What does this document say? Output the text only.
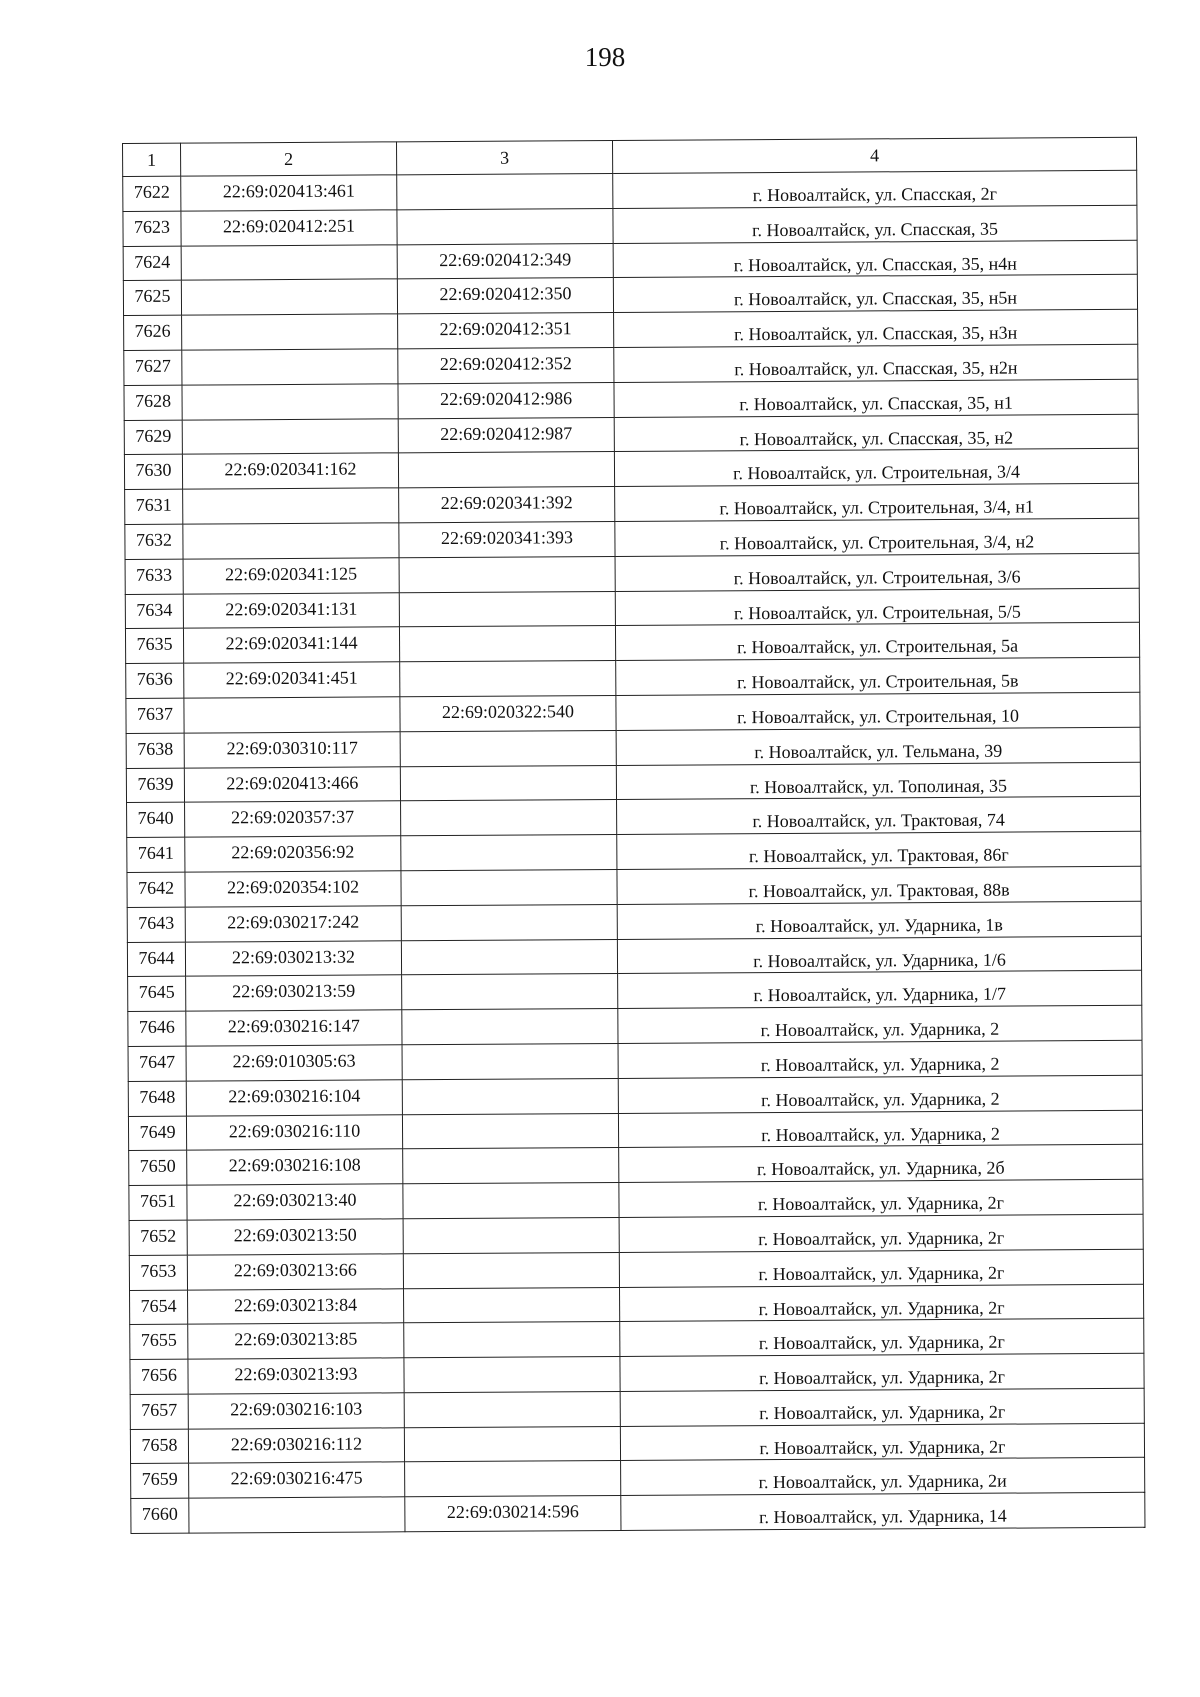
198
1	2	3	4
7622	22:69:020413:461		г. Новоалтайск, ул. Спасская, 2г
7623	22:69:020412:251		г. Новоалтайск, ул. Спасская, 35
7624		22:69:020412:349	г. Новоалтайск, ул. Спасская, 35, н4н
7625		22:69:020412:350	г. Новоалтайск, ул. Спасская, 35, н5н
7626		22:69:020412:351	г. Новоалтайск, ул. Спасская, 35, н3н
7627		22:69:020412:352	г. Новоалтайск, ул. Спасская, 35, н2н
7628		22:69:020412:986	г. Новоалтайск, ул. Спасская, 35, н1
7629		22:69:020412:987	г. Новоалтайск, ул. Спасская, 35, н2
7630	22:69:020341:162		г. Новоалтайск, ул. Строительная, 3/4
7631		22:69:020341:392	г. Новоалтайск, ул. Строительная, 3/4, н1
7632		22:69:020341:393	г. Новоалтайск, ул. Строительная, 3/4, н2
7633	22:69:020341:125		г. Новоалтайск, ул. Строительная, 3/6
7634	22:69:020341:131		г. Новоалтайск, ул. Строительная, 5/5
7635	22:69:020341:144		г. Новоалтайск, ул. Строительная, 5а
7636	22:69:020341:451		г. Новоалтайск, ул. Строительная, 5в
7637		22:69:020322:540	г. Новоалтайск, ул. Строительная, 10
7638	22:69:030310:117		г. Новоалтайск, ул. Тельмана, 39
7639	22:69:020413:466		г. Новоалтайск, ул. Тополиная, 35
7640	22:69:020357:37		г. Новоалтайск, ул. Трактовая, 74
7641	22:69:020356:92		г. Новоалтайск, ул. Трактовая, 86г
7642	22:69:020354:102		г. Новоалтайск, ул. Трактовая, 88в
7643	22:69:030217:242		г. Новоалтайск, ул. Ударника, 1в
7644	22:69:030213:32		г. Новоалтайск, ул. Ударника, 1/6
7645	22:69:030213:59		г. Новоалтайск, ул. Ударника, 1/7
7646	22:69:030216:147		г. Новоалтайск, ул. Ударника, 2
7647	22:69:010305:63		г. Новоалтайск, ул. Ударника, 2
7648	22:69:030216:104		г. Новоалтайск, ул. Ударника, 2
7649	22:69:030216:110		г. Новоалтайск, ул. Ударника, 2
7650	22:69:030216:108		г. Новоалтайск, ул. Ударника, 2б
7651	22:69:030213:40		г. Новоалтайск, ул. Ударника, 2г
7652	22:69:030213:50		г. Новоалтайск, ул. Ударника, 2г
7653	22:69:030213:66		г. Новоалтайск, ул. Ударника, 2г
7654	22:69:030213:84		г. Новоалтайск, ул. Ударника, 2г
7655	22:69:030213:85		г. Новоалтайск, ул. Ударника, 2г
7656	22:69:030213:93		г. Новоалтайск, ул. Ударника, 2г
7657	22:69:030216:103		г. Новоалтайск, ул. Ударника, 2г
7658	22:69:030216:112		г. Новоалтайск, ул. Ударника, 2г
7659	22:69:030216:475		г. Новоалтайск, ул. Ударника, 2и
7660		22:69:030214:596	г. Новоалтайск, ул. Ударника, 14
